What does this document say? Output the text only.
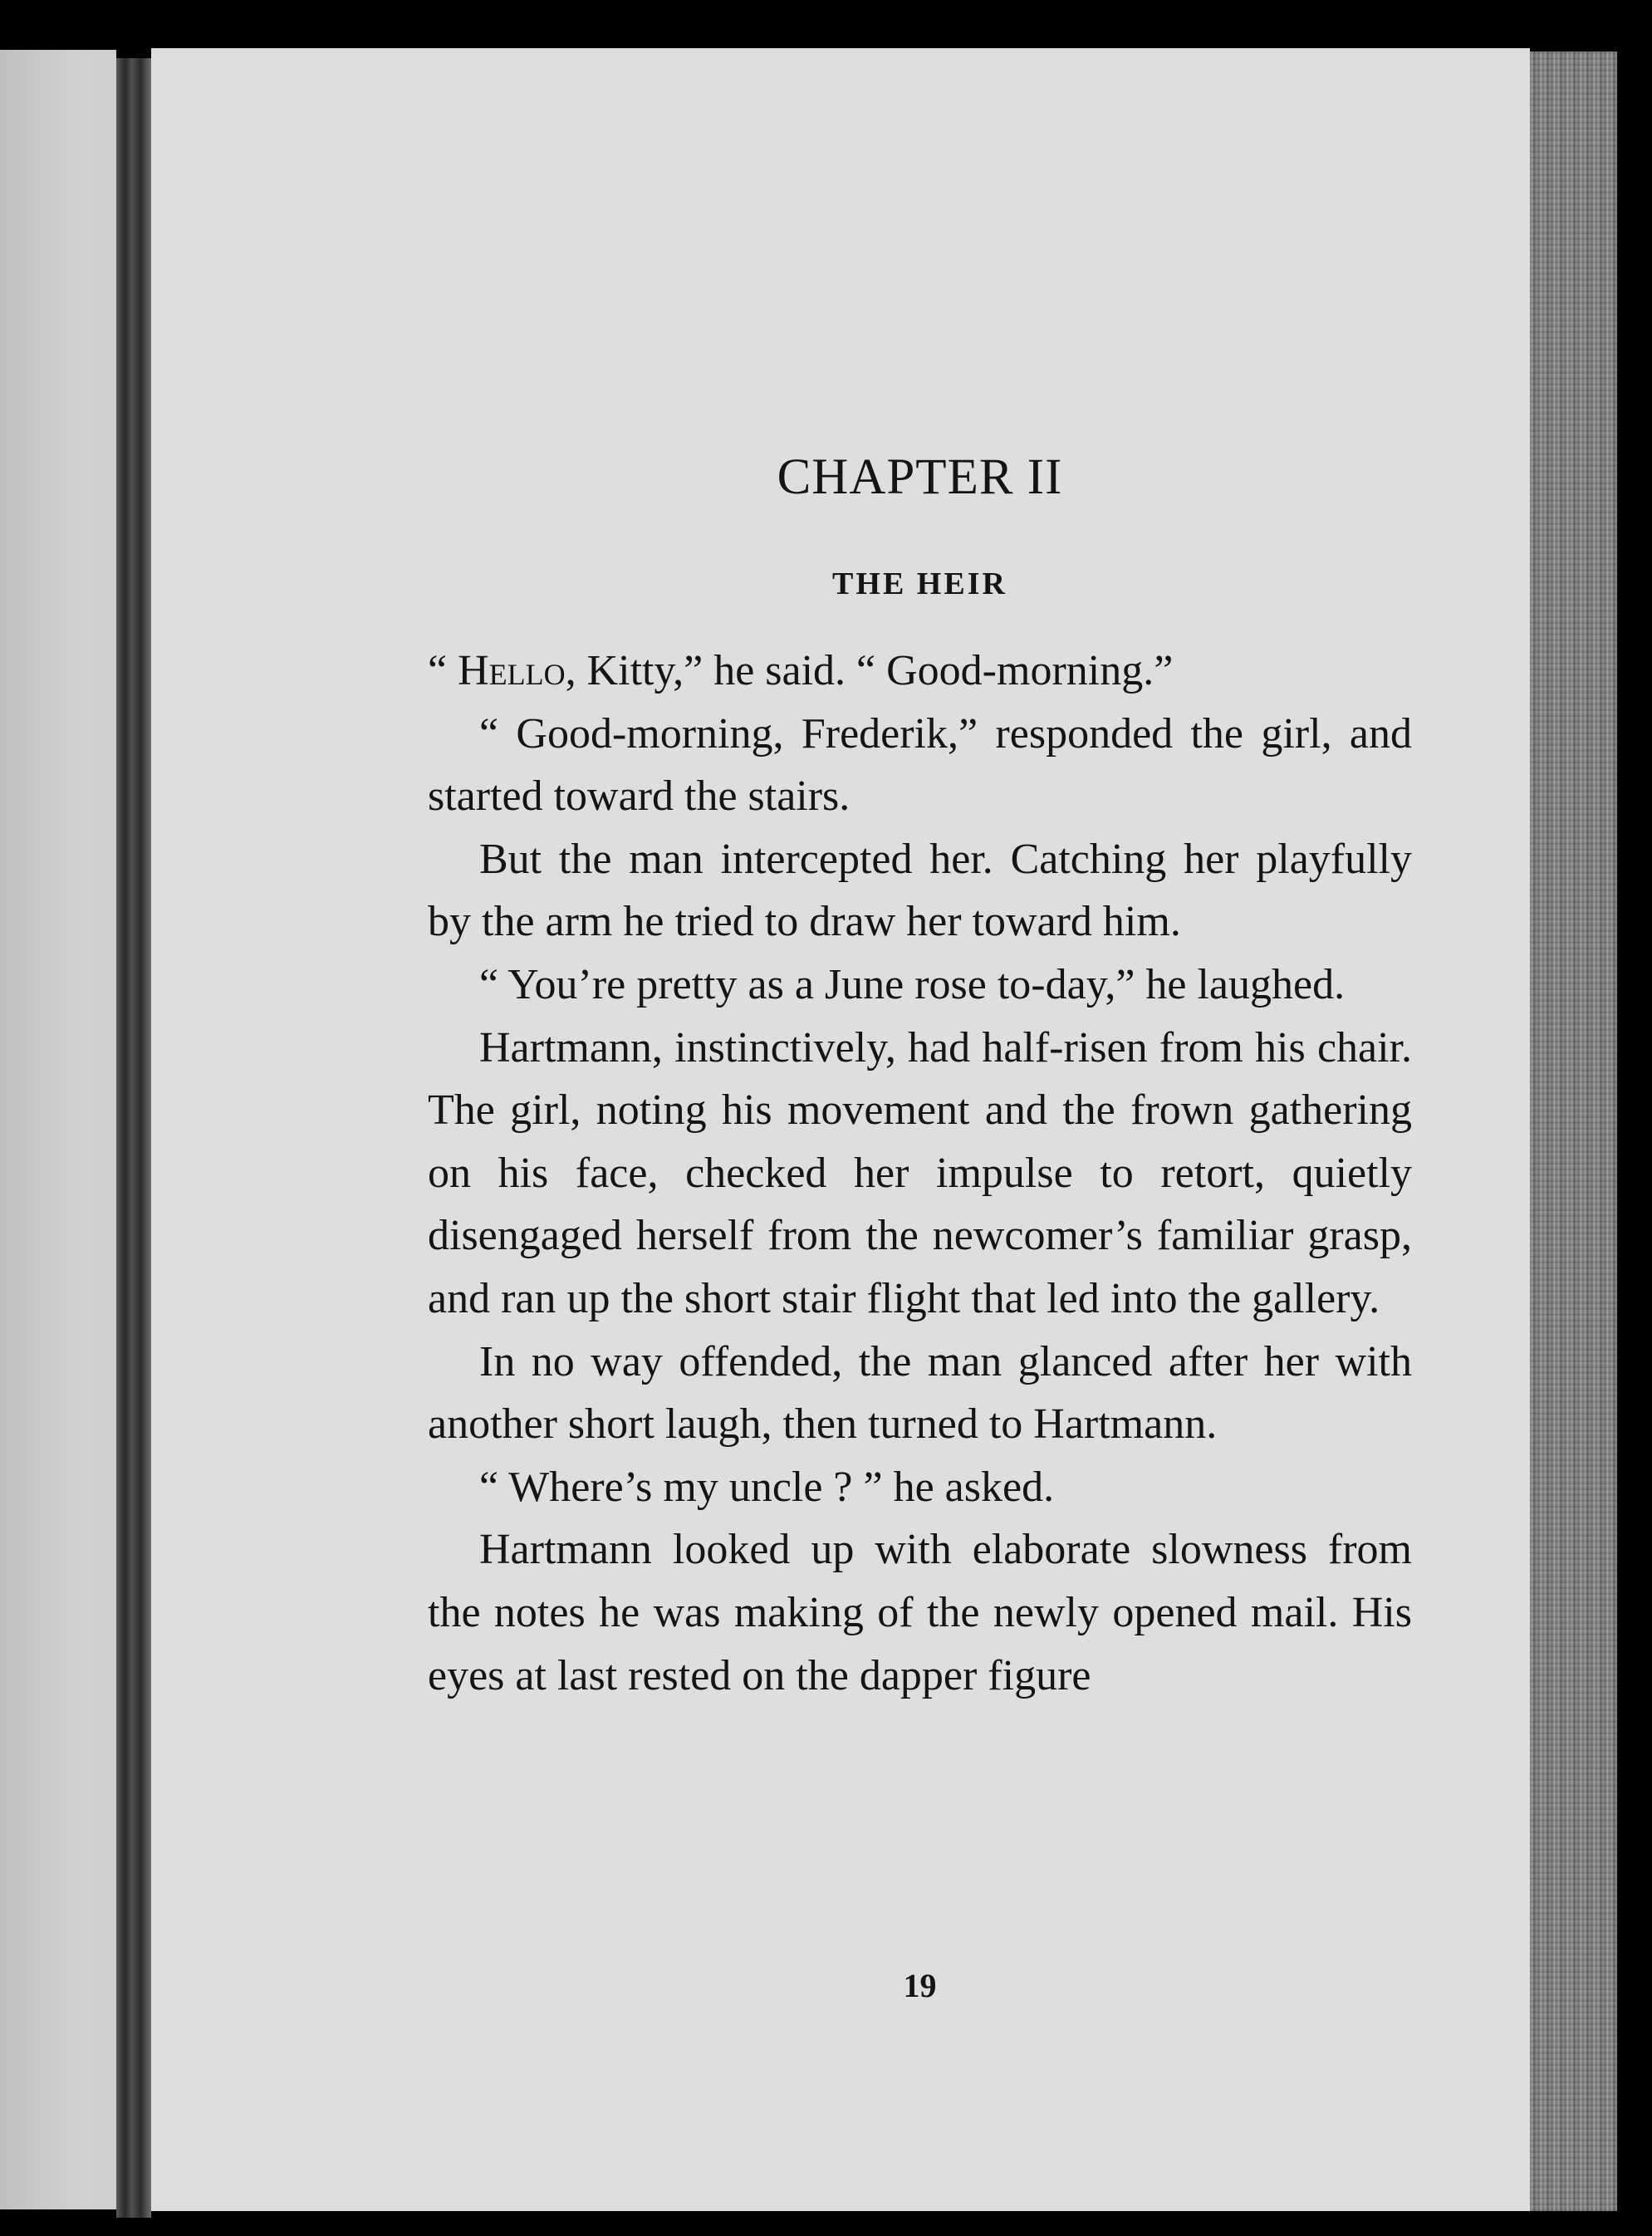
CHAPTER II
THE HEIR

“ Hello, Kitty,” he said. “ Good-morning.”

“ Good-morning, Frederik,” responded the girl, and started toward the stairs.

But the man intercepted her. Catching her playfully by the arm he tried to draw her toward him.

“ You’re pretty as a June rose to-day,” he laughed.

Hartmann, instinctively, had half-risen from his chair. The girl, noting his movement and the frown gathering on his face, checked her impulse to retort, quietly disengaged herself from the newcomer’s familiar grasp, and ran up the short stair flight that led into the gallery.

In no way offended, the man glanced after her with another short laugh, then turned to Hartmann.

“ Where’s my uncle ? ” he asked.

Hartmann looked up with elaborate slowness from the notes he was making of the newly opened mail. His eyes at last rested on the dapper figure

19
